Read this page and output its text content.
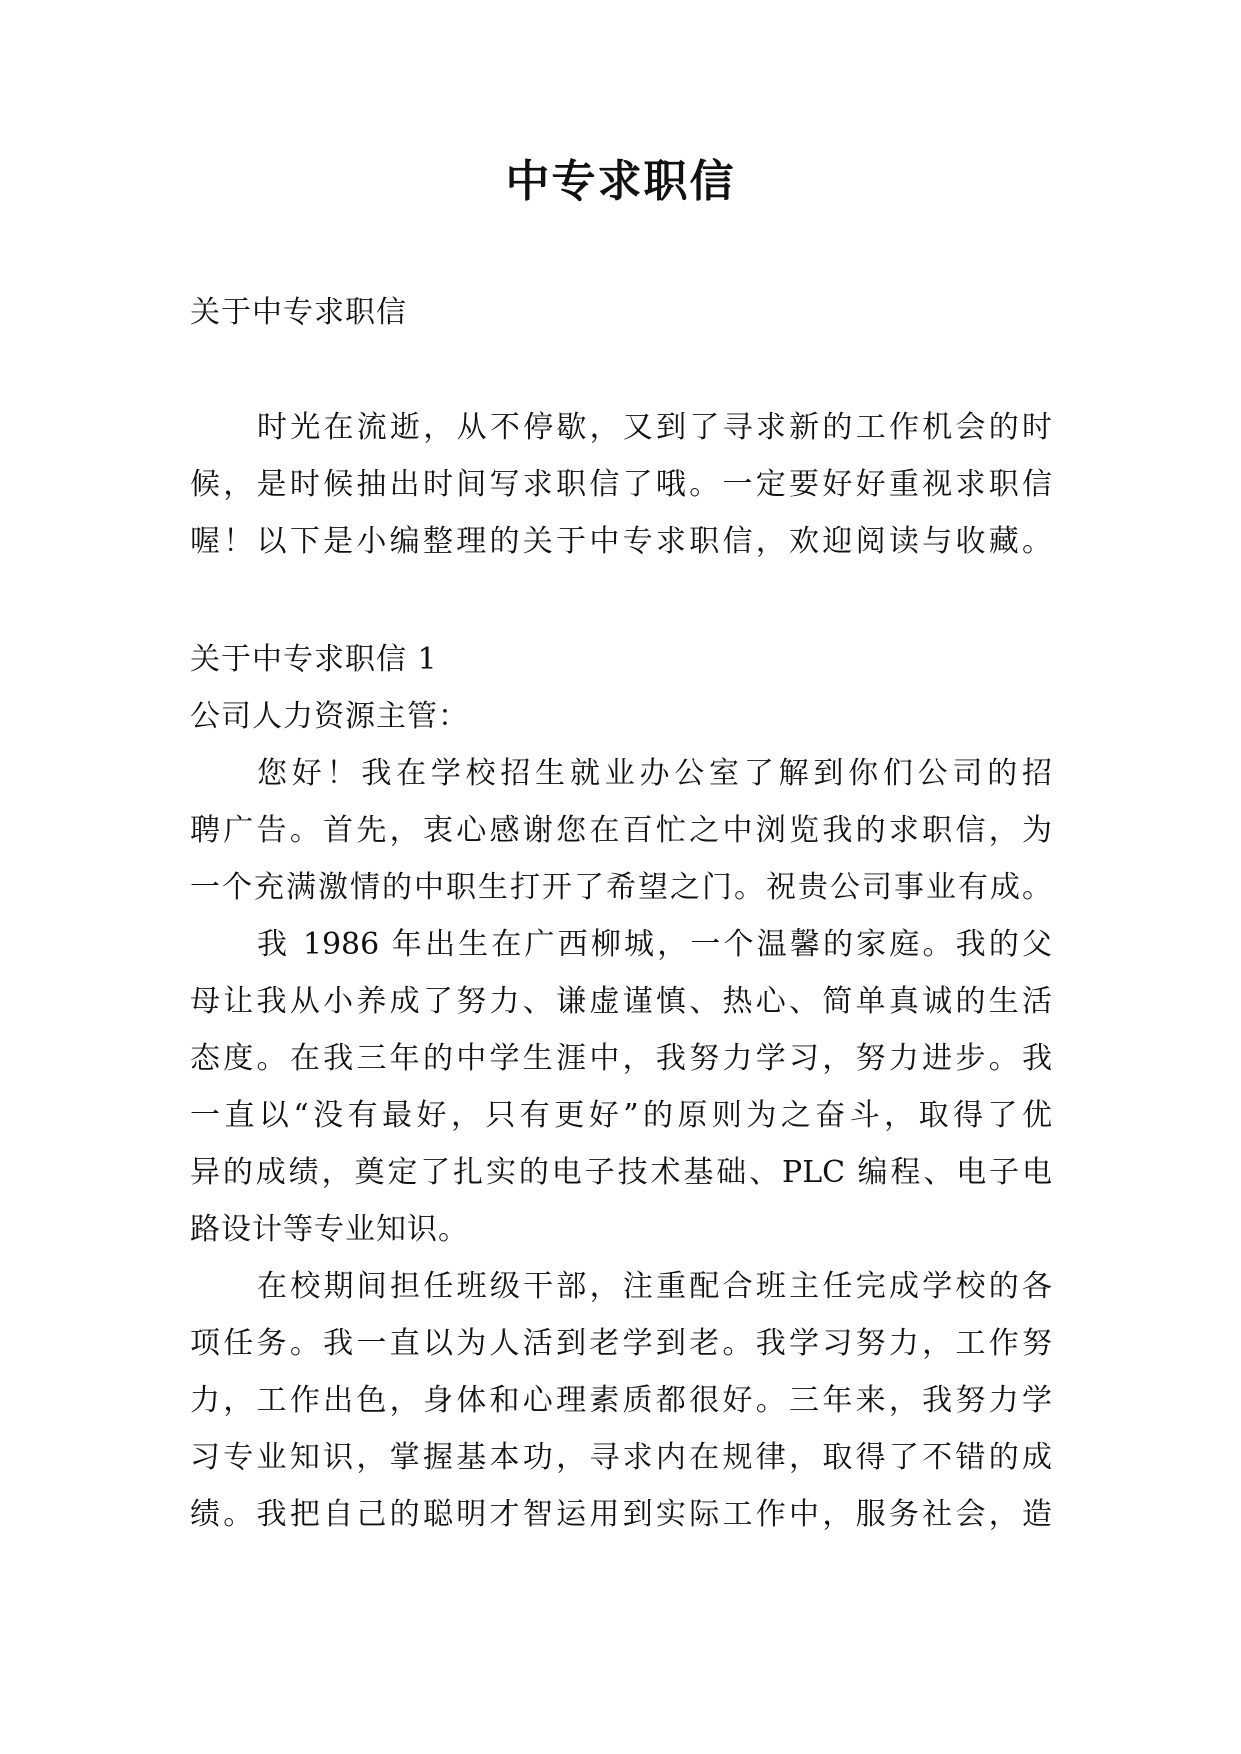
中专求职信
关于中专求职信
时光在流逝，从不停歇，又到了寻求新的工作机会的时
候，是时候抽出时间写求职信了哦。一定要好好重视求职信
喔！以下是小编整理的关于中专求职信，欢迎阅读与收藏。
关于中专求职信 1
公司人力资源主管：
您好！我在学校招生就业办公室了解到你们公司的招
聘广告。首先，衷心感谢您在百忙之中浏览我的求职信，为
一个充满激情的中职生打开了希望之门。祝贵公司事业有成。
我 1986 年出生在广西柳城，一个温馨的家庭。我的父
母让我从小养成了努力、谦虚谨慎、热心、简单真诚的生活
态度。在我三年的中学生涯中，我努力学习，努力进步。我
一直以“没有最好，只有更好”的原则为之奋斗，取得了优
异的成绩，奠定了扎实的电子技术基础、PLC 编程、电子电
路设计等专业知识。
在校期间担任班级干部，注重配合班主任完成学校的各
项任务。我一直以为人活到老学到老。我学习努力，工作努
力，工作出色，身体和心理素质都很好。三年来，我努力学
习专业知识，掌握基本功，寻求内在规律，取得了不错的成
绩。我把自己的聪明才智运用到实际工作中，服务社会，造
